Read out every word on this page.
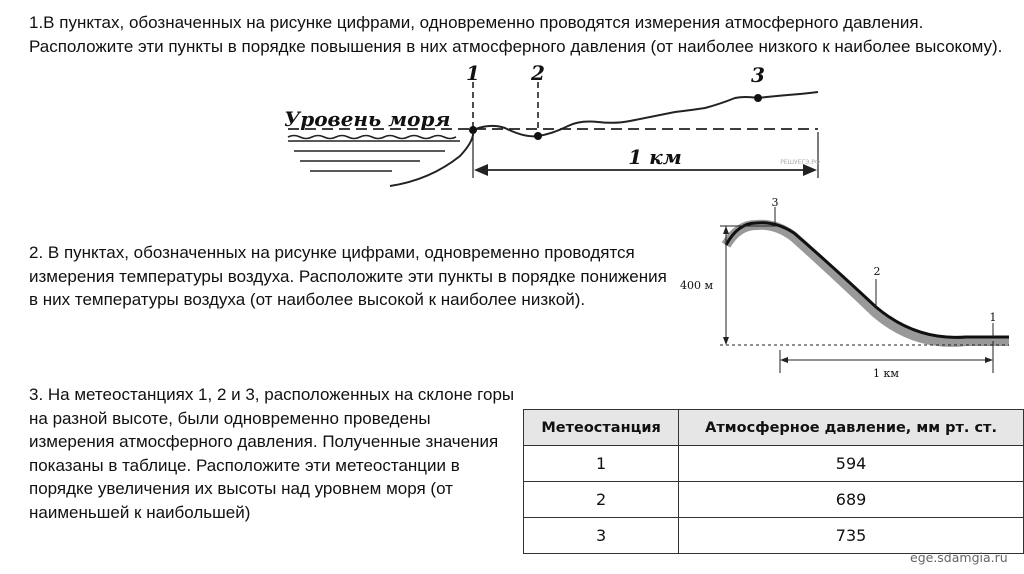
1.В пунктах, обозначенных на рисунке цифрами, одновременно проводятся измерения атмосферного давления. Расположите эти пункты в порядке повышения в них атмосферного давления (от наиболее низкого к наиболее высокому).
Уровень моря
1	2	3
1 км	РЕШУЕГЭ.РФ
2. В пунктах, обозначенных на рисунке цифрами, одновременно проводятся измерения температуры воздуха. Расположите эти пункты в порядке понижения в них температуры воздуха (от наиболее высокой к наиболее низкой).
400 м
3
2
1
1 км
3. На метеостанциях 1, 2 и 3, расположенных на склоне горы на разной высоте, были одновременно проведены измерения атмосферного давления. Полученные значения показаны в таблице. Расположите эти метеостанции в порядке увеличения их высоты над уровнем моря (от наименьшей к наибольшей)
Метеостанция	Атмосферное давление, мм рт. ст.
1	594
2	689
3	735
ege.sdamgia.ru
